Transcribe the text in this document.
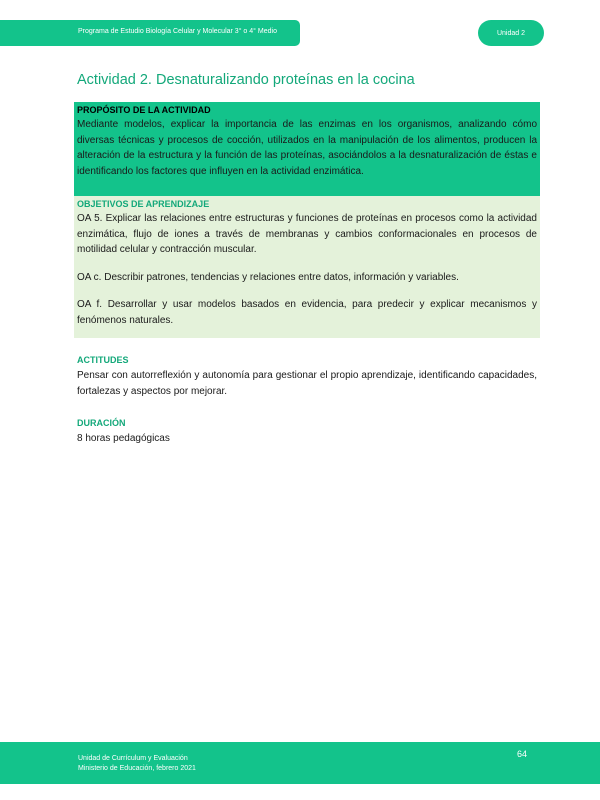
Programa de Estudio Biología Celular y Molecular 3° o 4° Medio	Unidad 2
Actividad 2. Desnaturalizando proteínas en la cocina

PROPÓSITO DE LA ACTIVIDAD

Mediante modelos, explicar la importancia de las enzimas en los organismos, analizando cómo diversas técnicas y procesos de cocción, utilizados en la manipulación de los alimentos, producen la alteración de la estructura y la función de las proteínas, asociándolos a la desnaturalización de éstas e identificando los factores que influyen en la actividad enzimática.

OBJETIVOS DE APRENDIZAJE

OA 5. Explicar las relaciones entre estructuras y funciones de proteínas en procesos como la actividad enzimática, flujo de iones a través de membranas y cambios conformacionales en procesos de motilidad celular y contracción muscular.

OA c. Describir patrones, tendencias y relaciones entre datos, información y variables.

OA f. Desarrollar y usar modelos basados en evidencia, para predecir y explicar mecanismos y fenómenos naturales.

ACTITUDES

Pensar con autorreflexión y autonomía para gestionar el propio aprendizaje, identificando capacidades, fortalezas y aspectos por mejorar.

DURACIÓN

8 horas pedagógicas

Unidad de Currículum y Evaluación
Ministerio de Educación, febrero 2021
64
